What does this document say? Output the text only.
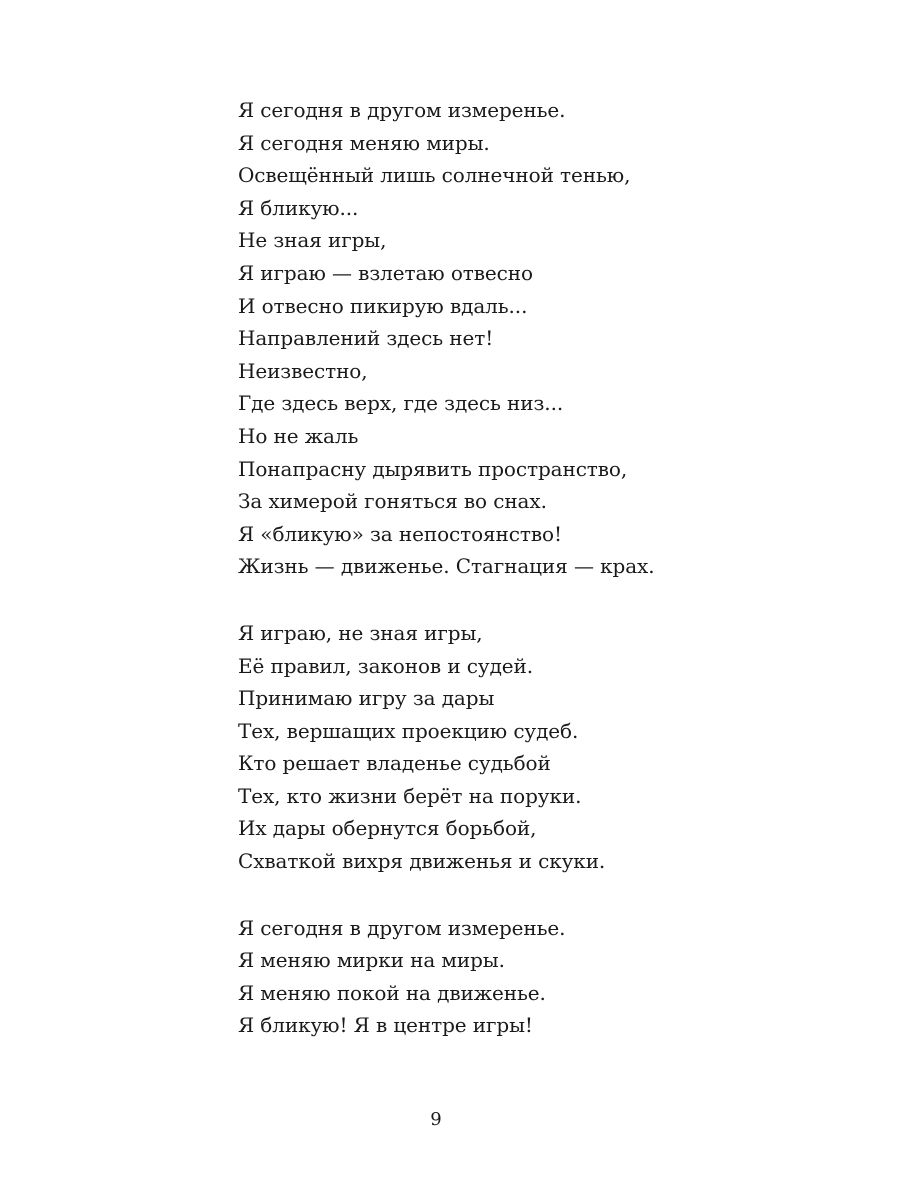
Я сегодня в другом измеренье.
Я сегодня меняю миры.
Освещённый лишь солнечной тенью,
Я бликую...
Не зная игры,
Я играю — взлетаю отвесно
И отвесно пикирую вдаль...
Направлений здесь нет!
Неизвестно,
Где здесь верх, где здесь низ...
Но не жаль
Понапрасну дырявить пространство,
За химерой гоняться во снах.
Я «бликую» за непостоянство!
Жизнь — движенье. Стагнация — крах.
Я играю, не зная игры,
Её правил, законов и судей.
Принимаю игру за дары
Тех, вершащих проекцию судеб.
Кто решает владенье судьбой
Тех, кто жизни берёт на поруки.
Их дары обернутся борьбой,
Схваткой вихря движенья и скуки.
Я сегодня в другом измеренье.
Я меняю мирки на миры.
Я меняю покой на движенье.
Я бликую! Я в центре игры!
9
